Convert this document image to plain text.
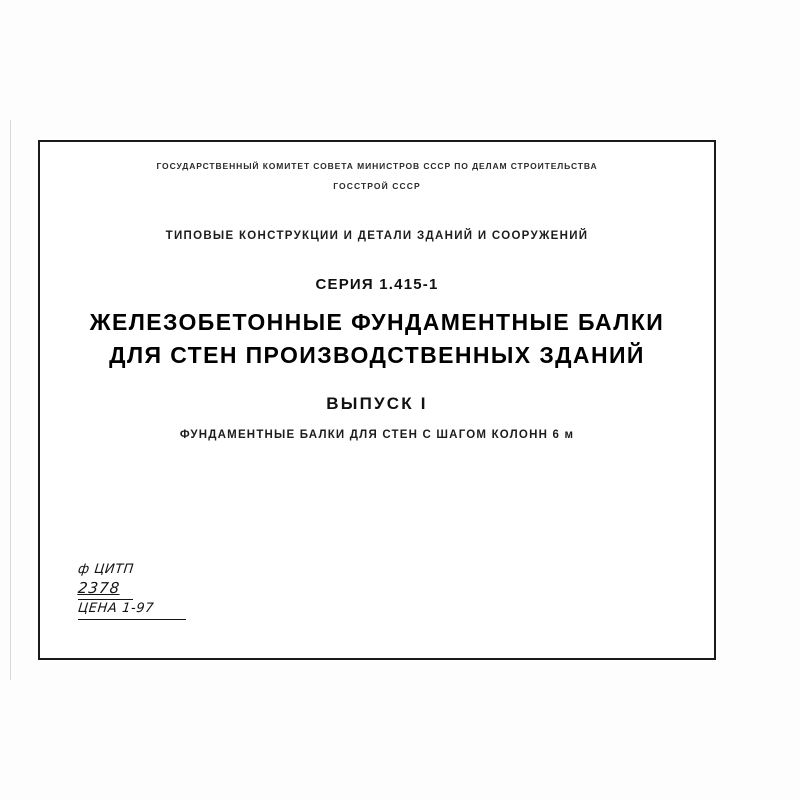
ГОСУДАРСТВЕННЫЙ КОМИТЕТ СОВЕТА МИНИСТРОВ СССР ПО ДЕЛАМ СТРОИТЕЛЬСТВА
ГОССТРОЙ СССР
ТИПОВЫЕ КОНСТРУКЦИИ И ДЕТАЛИ ЗДАНИЙ И СООРУЖЕНИЙ
СЕРИЯ 1.415-1
ЖЕЛЕЗОБЕТОННЫЕ ФУНДАМЕНТНЫЕ БАЛКИ
ДЛЯ СТЕН ПРОИЗВОДСТВЕННЫХ ЗДАНИЙ
ВЫПУСК I
ФУНДАМЕНТНЫЕ БАЛКИ ДЛЯ СТЕН С ШАГОМ КОЛОНН 6 м
ф ЦИТП
2378
ЦЕНА 1-97
